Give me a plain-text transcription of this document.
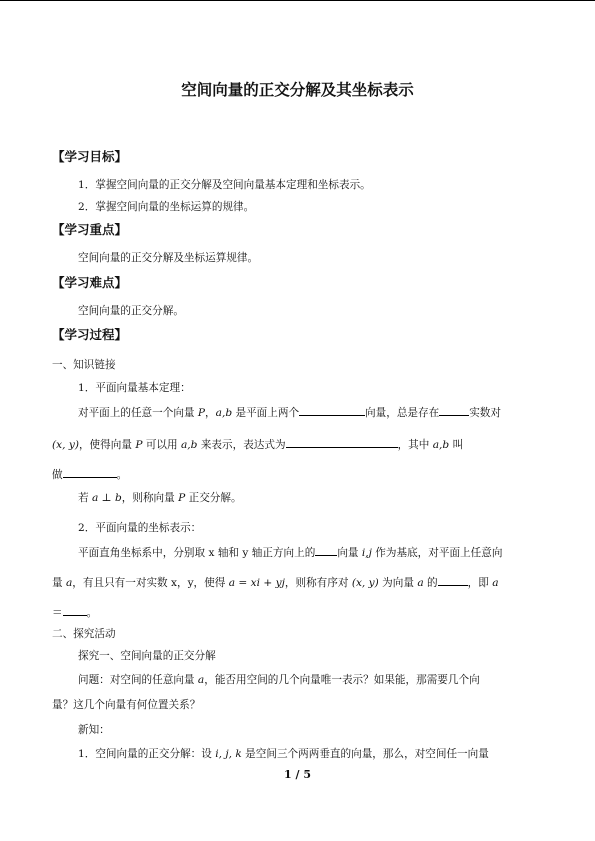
空间向量的正交分解及其坐标表示
【学习目标】
1．掌握空间向量的正交分解及空间向量基本定理和坐标表示。
2．掌握空间向量的坐标运算的规律。
【学习重点】
空间向量的正交分解及坐标运算规律。
【学习难点】
空间向量的正交分解。
【学习过程】
一、知识链接
1．平面向量基本定理：
对平面上的任意一个向量 P，a,b 是平面上两个	向量，总是存在	实数对
(x, y)，使得向量 P 可以用 a,b 来表示，表达式为	，其中 a,b 叫
做	。
若 a ⊥ b，则称向量 P 正交分解。
2．平面向量的坐标表示：
平面直角坐标系中，分别取 x 轴和 y 轴正方向上的 向量 i,j 作为基底，对平面上任意向
量 a，有且只有一对实数 x，y，使得 a = xi + yj，则称有序对 (x, y) 为向量 a 的	，即 a
＝ 。
二、探究活动
探究一、空间向量的正交分解
问题：对空间的任意向量 a，能否用空间的几个向量唯一表示？如果能，那需要几个向
量？这几个向量有何位置关系？
新知：
1．空间向量的正交分解：设 i, j, k 是空间三个两两垂直的向量，那么，对空间任一向量
1 / 5
